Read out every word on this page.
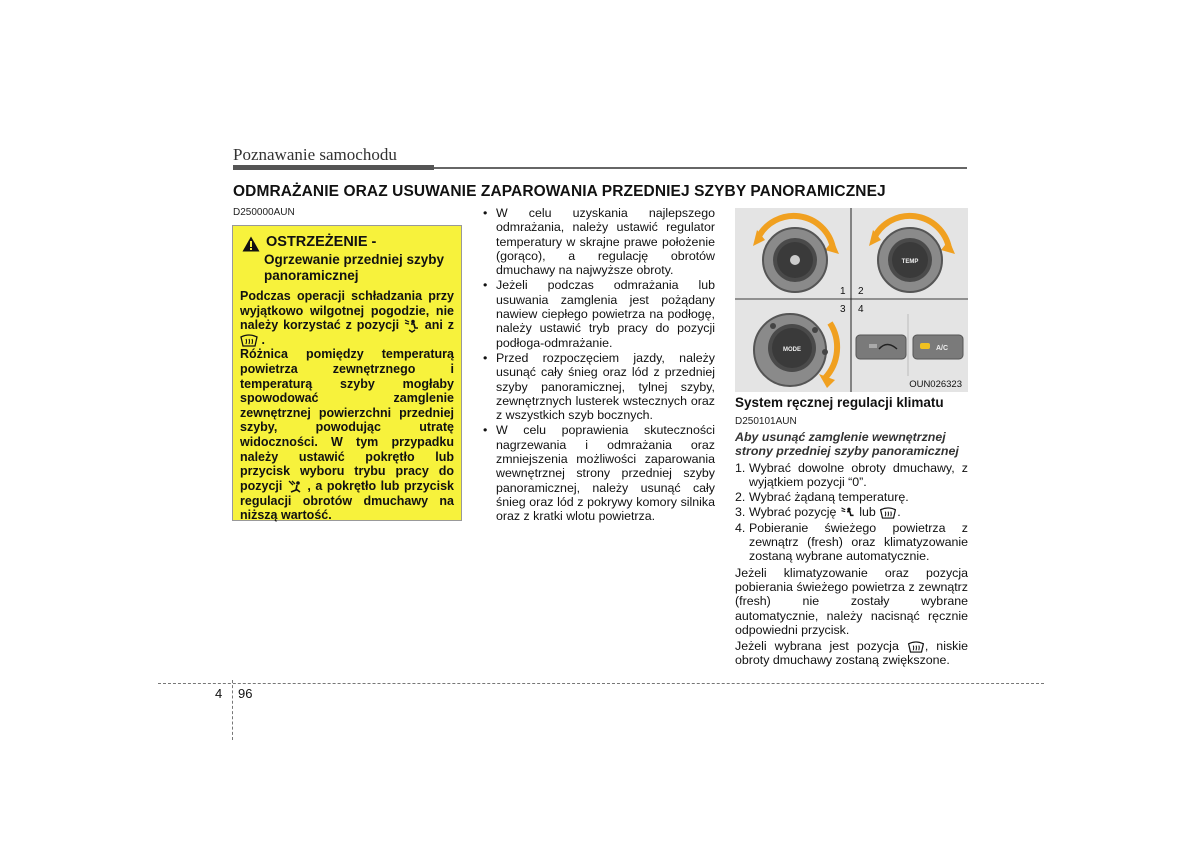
Poznawanie samochodu
ODMRAŻANIE ORAZ USUWANIE ZAPAROWANIA PRZEDNIEJ SZYBY PANORAMICZNEJ
D250000AUN
OSTRZEŻENIE -
Ogrzewanie przedniej szyby panoramicznej

Podczas operacji schładzania przy wyjątkowo wilgotnej pogodzie, nie należy korzystać z pozycji ani z  .

Różnica pomiędzy temperaturą powietrza zewnętrznego i temperaturą szyby mogłaby spowodować zamglenie zewnętrznej powierzchni przedniej szyby, powodując utratę widoczności. W tym przypadku należy ustawić pokrętło lub przycisk wyboru trybu pracy do pozycji , a pokrętło lub przycisk regulacji obrotów dmuchawy na niższą wartość.

• W celu uzyskania najlepszego odmrażania, należy ustawić regulator temperatury w skrajne prawe położenie (gorąco), a regulację obrotów dmuchawy na najwyższe obroty.
• Jeżeli podczas odmrażania lub usuwania zamglenia jest pożądany nawiew ciepłego powietrza na podłogę, należy ustawić tryb pracy do pozycji podłoga-odmrażanie.
• Przed rozpoczęciem jazdy, należy usunąć cały śnieg oraz lód z przedniej szyby panoramicznej, tylnej szyby, zewnętrznych lusterek wstecznych oraz z wszystkich szyb bocznych.
• W celu poprawienia skuteczności nagrzewania i odmrażania oraz zmniejszenia możliwości zaparowania wewnętrznej strony przedniej szyby panoramicznej, należy usunąć cały śnieg oraz lód z pokrywy komory silnika oraz z kratki wlotu powietrza.
TEMP
MODE	A/C
1 2
3 4
OUN026323
System ręcznej regulacji klimatu
D250101AUN
Aby usunąć zamglenie wewnętrznej strony przedniej szyby panoramicznej
1. Wybrać dowolne obroty dmuchawy, z wyjątkiem pozycji “0”.
2. Wybrać żądaną temperaturę.
3. Wybrać pozycję lub .
4. Pobieranie świeżego powietrza z zewnątrz (fresh) oraz klimatyzowanie zostaną wybrane automatycznie.

Jeżeli klimatyzowanie oraz pozycja pobierania świeżego powietrza z zewnątrz (fresh) nie zostały wybrane automatycznie, należy nacisnąć ręcznie odpowiedni przycisk.

Jeżeli wybrana jest pozycja , niskie obroty dmuchawy zostaną zwiększone.

4 96
